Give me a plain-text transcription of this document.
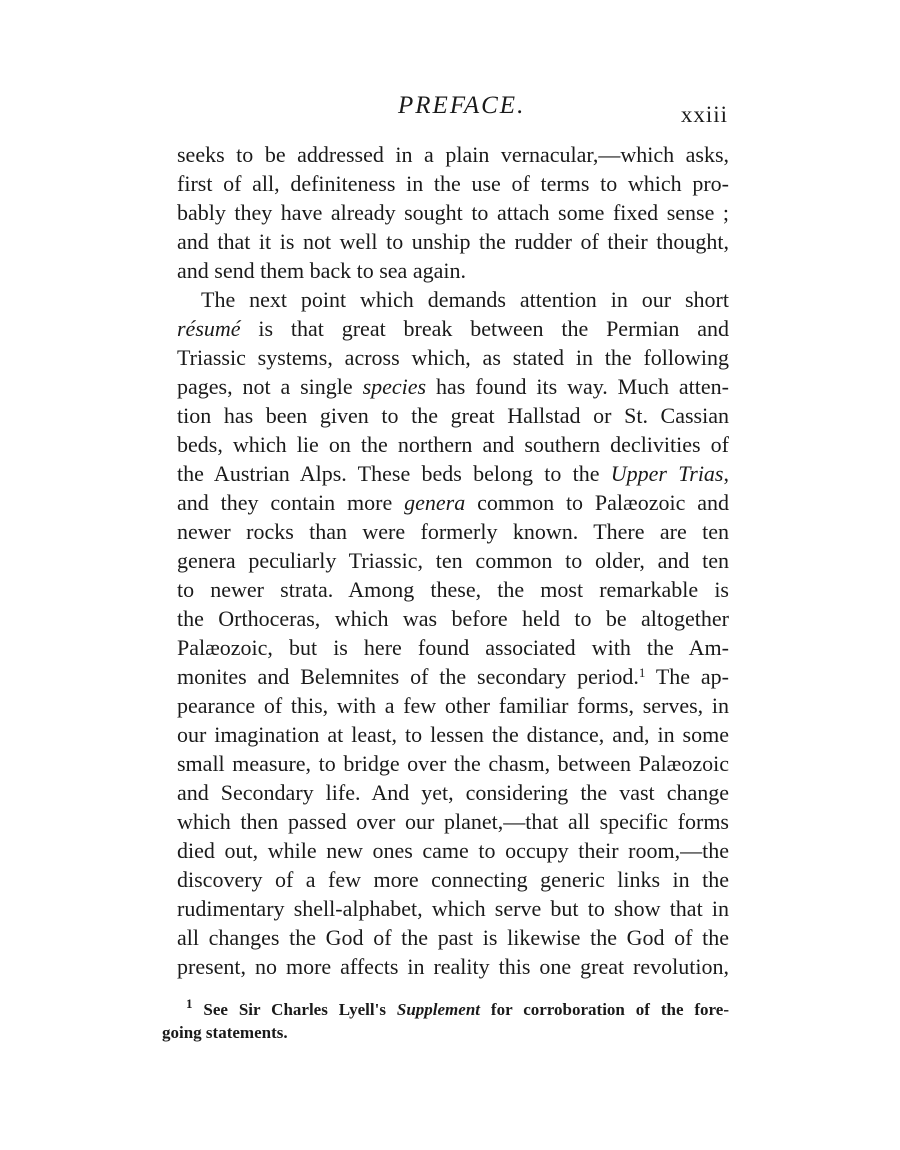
PREFACE.	xxiii
seeks to be addressed in a plain vernacular,—which asks,
first of all, definiteness in the use of terms to which pro-
bably they have already sought to attach some fixed sense ;
and that it is not well to unship the rudder of their thought,
and send them back to sea again.
The next point which demands attention in our short
résumé is that great break between the Permian and
Triassic systems, across which, as stated in the following
pages, not a single species has found its way. Much atten-
tion has been given to the great Hallstad or St. Cassian
beds, which lie on the northern and southern declivities of
the Austrian Alps. These beds belong to the Upper Trias,
and they contain more genera common to Palæozoic and
newer rocks than were formerly known. There are ten
genera peculiarly Triassic, ten common to older, and ten
to newer strata. Among these, the most remarkable is
the Orthoceras, which was before held to be altogether
Palæozoic, but is here found associated with the Am-
monites and Belemnites of the secondary period.$^1$ The ap-
pearance of this, with a few other familiar forms, serves, in
our imagination at least, to lessen the distance, and, in some
small measure, to bridge over the chasm, between Palæozoic
and Secondary life. And yet, considering the vast change
which then passed over our planet,—that all specific forms
died out, while new ones came to occupy their room,—the
discovery of a few more connecting generic links in the
rudimentary shell-alphabet, which serve but to show that in
all changes the God of the past is likewise the God of the
present, no more affects in reality this one great revolution,
$^1$ See Sir Charles Lyell's Supplement for corroboration of the fore-
going statements.
